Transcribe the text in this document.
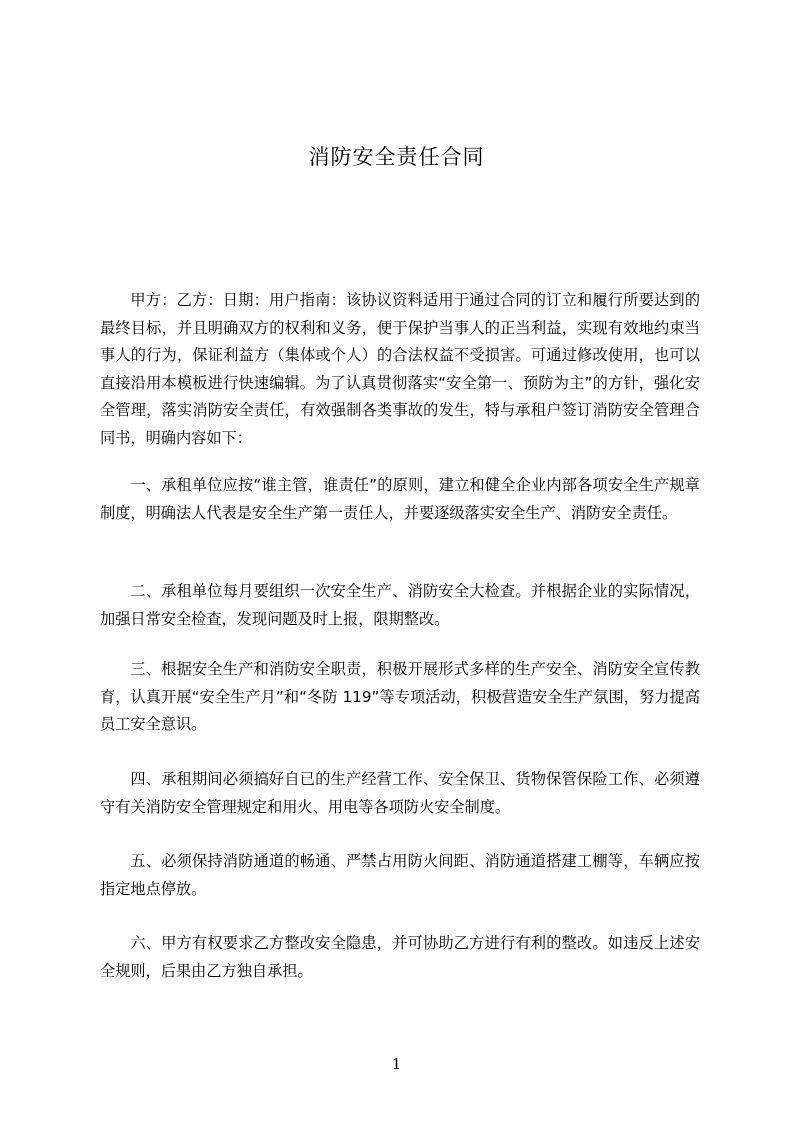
消防安全责任合同

甲方：乙方：日期：用户指南：该协议资料适用于通过合同的订立和履行所要达到的最终目标，并且明确双方的权利和义务，便于保护当事人的正当利益，实现有效地约束当事人的行为，保证利益方（集体或个人）的合法权益不受损害。可通过修改使用，也可以直接沿用本模板进行快速编辑。为了认真贯彻落实“安全第一、预防为主”的方针，强化安全管理，落实消防安全责任，有效强制各类事故的发生，特与承租户签订消防安全管理合同书，明确内容如下：

一、承租单位应按“谁主管，谁责任”的原则，建立和健全企业内部各项安全生产规章制度，明确法人代表是安全生产第一责任人，并要逐级落实安全生产、消防安全责任。

二、承租单位每月要组织一次安全生产、消防安全大检查。并根据企业的实际情况，加强日常安全检查，发现问题及时上报，限期整改。

三、根据安全生产和消防安全职责，积极开展形式多样的生产安全、消防安全宣传教育，认真开展“安全生产月”和“冬防 119”等专项活动，积极营造安全生产氛围，努力提高员工安全意识。

四、承租期间必须搞好自已的生产经营工作、安全保卫、货物保管保险工作、必须遵守有关消防安全管理规定和用火、用电等各项防火安全制度。

五、必须保持消防通道的畅通、严禁占用防火间距、消防通道搭建工棚等，车辆应按指定地点停放。

六、甲方有权要求乙方整改安全隐患，并可协助乙方进行有利的整改。如违反上述安全规则，后果由乙方独自承担。

1
